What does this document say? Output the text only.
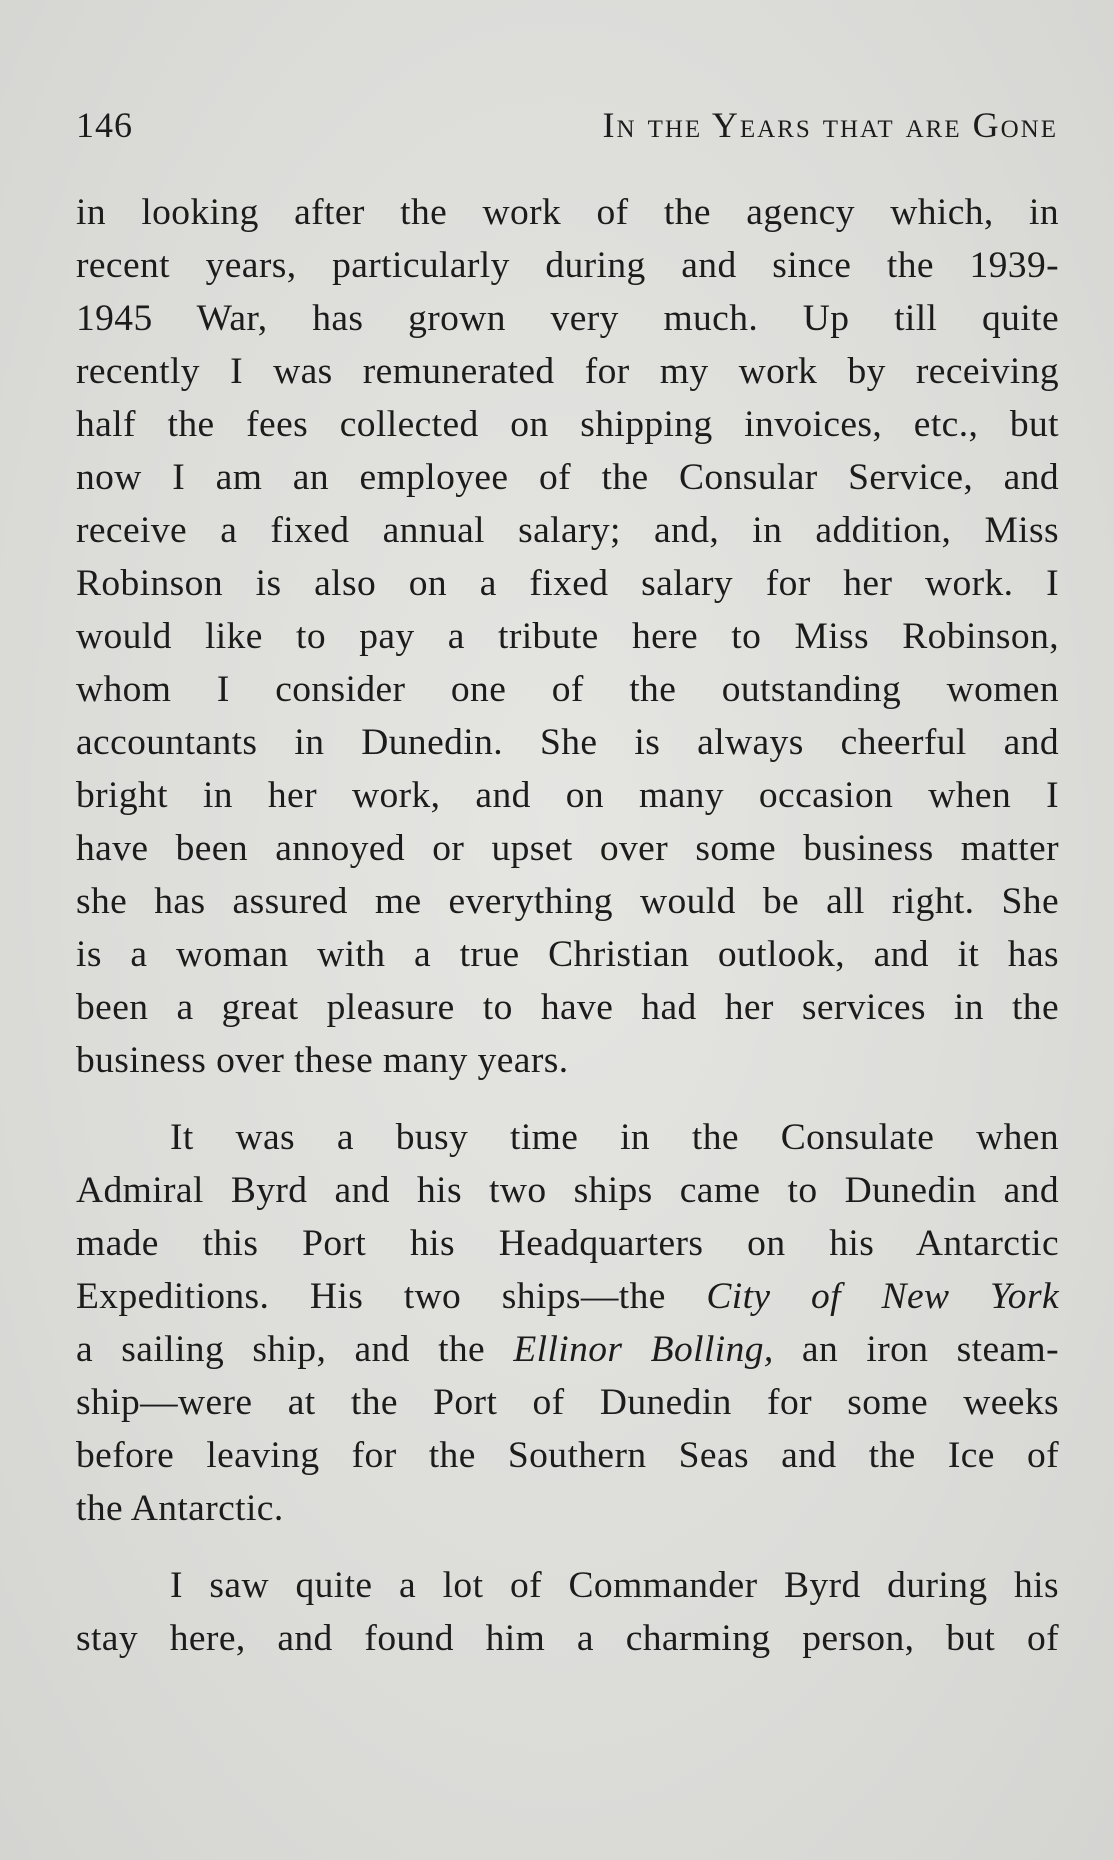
146	In the Years that are Gone

in looking after the work of the agency which, in
recent years, particularly during and since the 1939-
1945 War, has grown very much. Up till quite
recently I was remunerated for my work by receiving
half the fees collected on shipping invoices, etc., but
now I am an employee of the Consular Service, and
receive a fixed annual salary; and, in addition, Miss
Robinson is also on a fixed salary for her work. I
would like to pay a tribute here to Miss Robinson,
whom I consider one of the outstanding women
accountants in Dunedin. She is always cheerful and
bright in her work, and on many occasion when I
have been annoyed or upset over some business matter
she has assured me everything would be all right. She
is a woman with a true Christian outlook, and it has
been a great pleasure to have had her services in the
business over these many years.

It was a busy time in the Consulate when
Admiral Byrd and his two ships came to Dunedin and
made this Port his Headquarters on his Antarctic
Expeditions. His two ships—the City of New York
a sailing ship, and the Ellinor Bolling, an iron steam-
ship—were at the Port of Dunedin for some weeks
before leaving for the Southern Seas and the Ice of
the Antarctic.

I saw quite a lot of Commander Byrd during his
stay here, and found him a charming person, but of
